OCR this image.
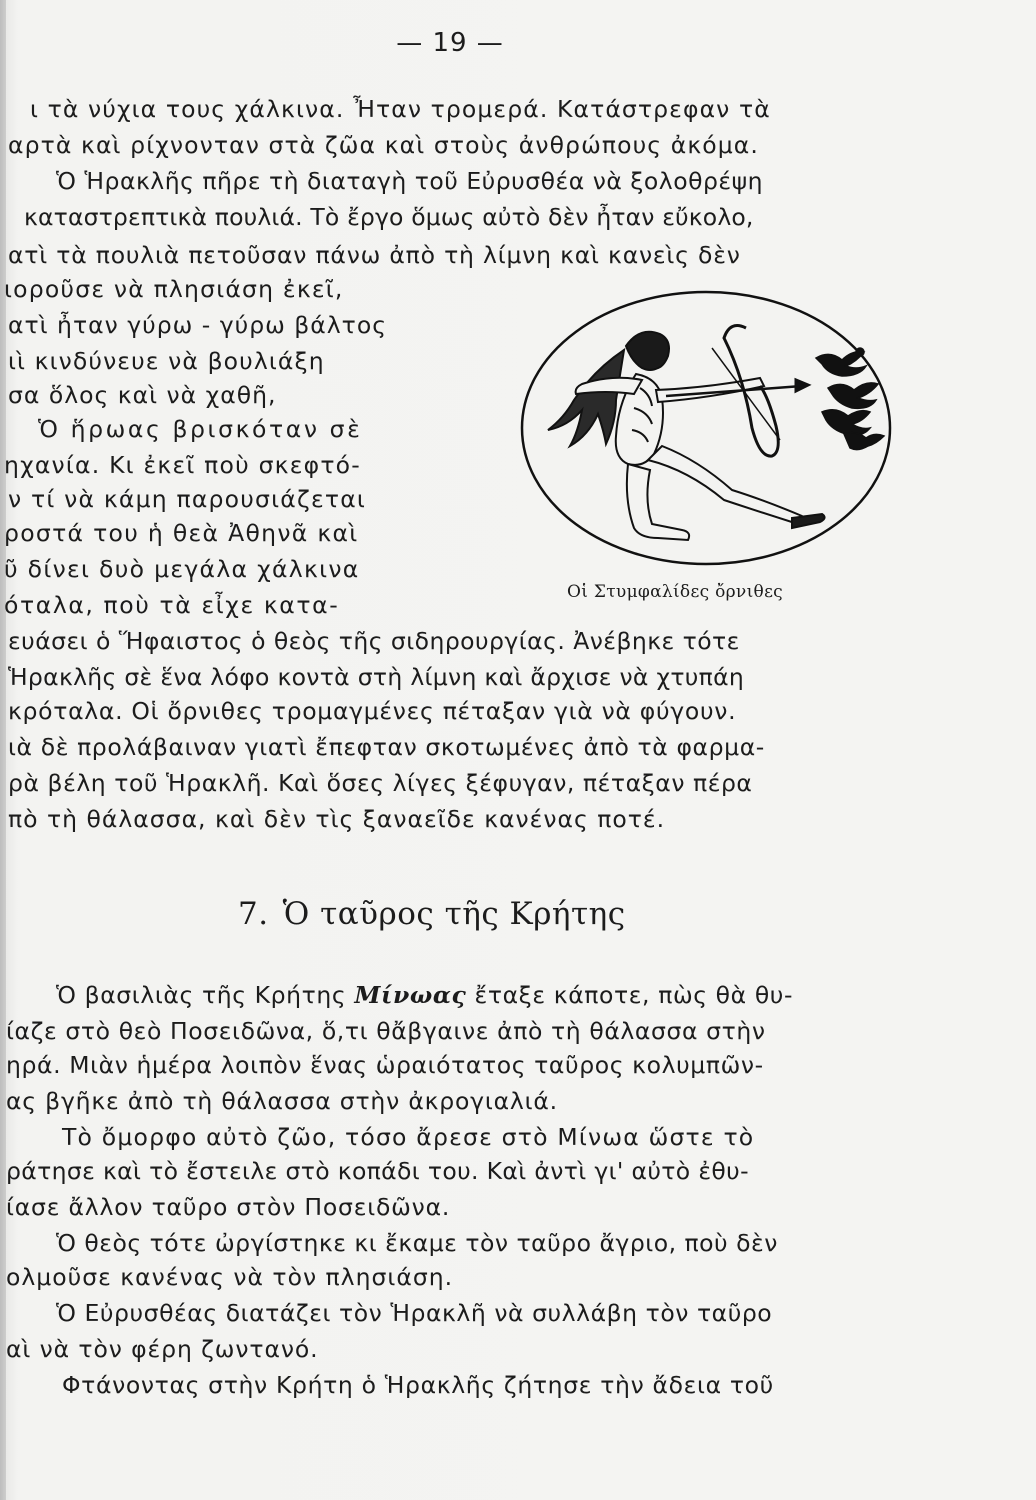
— 19 —
ι τὰ νύχια τους χάλκινα. Ἦταν τρομερά. Κατάστρεφαν τὰ
αρτὰ καὶ ρίχνονταν στὰ ζῶα καὶ στοὺς ἀνθρώπους ἀκόμα.
Ὁ Ἡρακλῆς πῆρε τὴ διαταγὴ τοῦ Εὐρυσθέα νὰ ξολοθρέψη
καταστρεπτικὰ πουλιά. Τὸ ἔργο ὅμως αὐτὸ δὲν ἦταν εὔκολο,
ατὶ τὰ πουλιὰ πετοῦσαν πάνω ἀπὸ τὴ λίμνη καὶ κανεὶς δὲν
ιοροῦσε νὰ πλησιάση ἐκεῖ,
ατὶ ἦταν γύρω - γύρω βάλτος
ιὶ κινδύνευε νὰ βουλιάξη
σα ὅλος καὶ νὰ χαθῆ,
Ὁ ἥρωας βρισκόταν σὲ
ηχανία. Κι ἐκεῖ ποὺ σκεφτό-
ν τί νὰ κάμη παρουσιάζεται
ροστά του ἡ θεὰ Ἀθηνᾶ καὶ
ῦ δίνει δυὸ μεγάλα χάλκινα
όταλα, ποὺ τὰ εἶχε κατα-	Οἱ Στυμφαλίδες ὄρνιθες
ευάσει ὁ Ἥφαιστος ὁ θεὸς τῆς σιδηρουργίας. Ἀνέβηκε τότε
Ἡρακλῆς σὲ ἕνα λόφο κοντὰ στὴ λίμνη καὶ ἄρχισε νὰ χτυπάη
κρόταλα. Οἱ ὄρνιθες τρομαγμένες πέταξαν γιὰ νὰ φύγουν.
ιὰ δὲ προλάβαιναν γιατὶ ἔπεφταν σκοτωμένες ἀπὸ τὰ φαρμα-
ρὰ βέλη τοῦ Ἡρακλῆ. Καὶ ὅσες λίγες ξέφυγαν, πέταξαν πέρα
πὸ τὴ θάλασσα, καὶ δὲν τὶς ξαναεῖδε κανένας ποτέ.
7. Ὁ ταῦρος τῆς Κρήτης
Ὁ βασιλιὰς τῆς Κρήτης Μίνωας ἔταξε κάποτε, πὼς θὰ θυ-
ίαζε στὸ θεὸ Ποσειδῶνα, ὅ,τι θἄβγαινε ἀπὸ τὴ θάλασσα στὴν
ηρά. Μιὰν ἡμέρα λοιπὸν ἕνας ὡραιότατος ταῦρος κολυμπῶν-
ας βγῆκε ἀπὸ τὴ θάλασσα στὴν ἀκρογιαλιά.
Τὸ ὄμορφο αὐτὸ ζῶο, τόσο ἄρεσε στὸ Μίνωα ὥστε τὸ
ράτησε καὶ τὸ ἔστειλε στὸ κοπάδι του. Καὶ ἀντὶ γι' αὐτὸ ἐθυ-
ίασε ἄλλον ταῦρο στὸν Ποσειδῶνα.
Ὁ θεὸς τότε ὠργίστηκε κι ἔκαμε τὸν ταῦρο ἄγριο, ποὺ δὲν
ολμοῦσε κανένας νὰ τὸν πλησιάση.
Ὁ Εὐρυσθέας διατάζει τὸν Ἡρακλῆ νὰ συλλάβη τὸν ταῦρο
αὶ νὰ τὸν φέρη ζωντανό.
Φτάνοντας στὴν Κρήτη ὁ Ἡρακλῆς ζήτησε τὴν ἄδεια τοῦ
